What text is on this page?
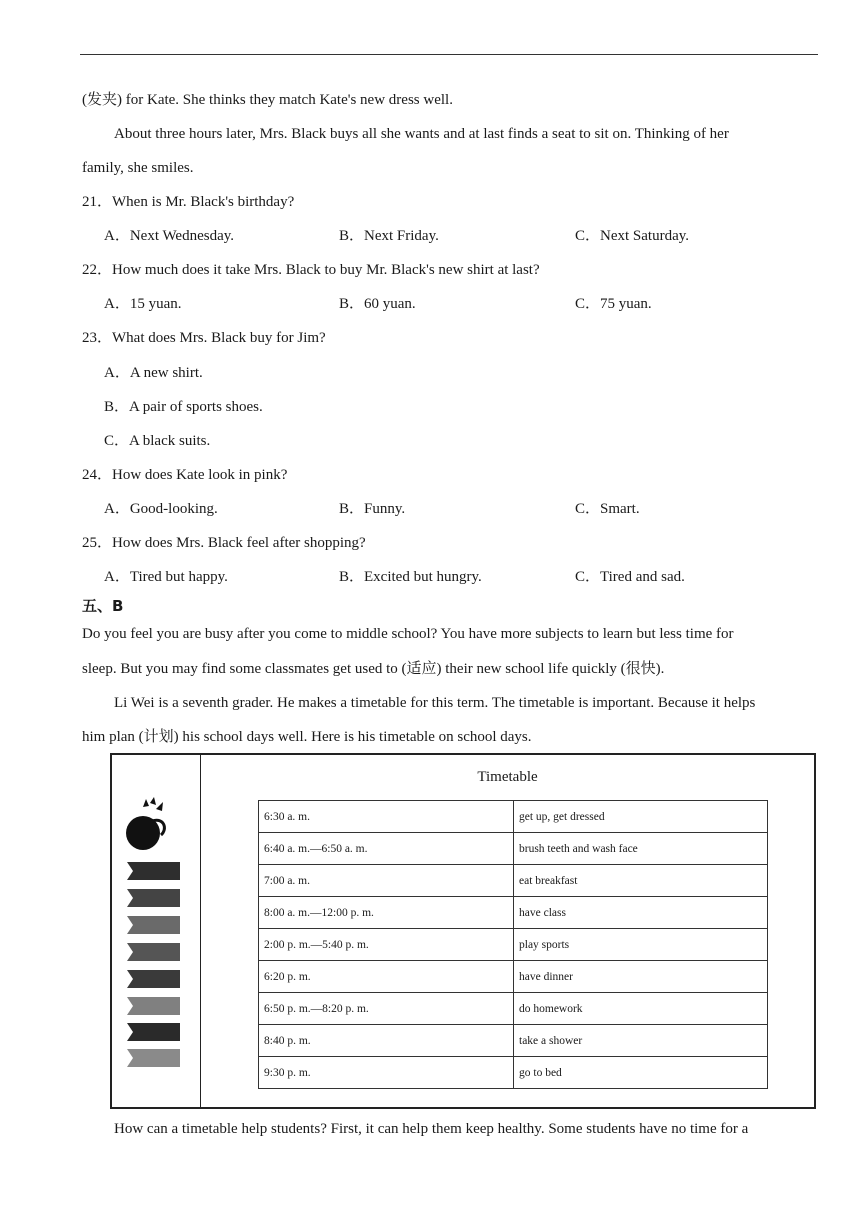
(发夹) for Kate. She thinks they match Kate's new dress well.
About three hours later, Mrs. Black buys all she wants and at last finds a seat to sit on. Thinking of her
family, she smiles.
21．When is Mr. Black's birthday?
A．Next Wednesday.	B．Next Friday.	C．Next Saturday.
22．How much does it take Mrs. Black to buy Mr. Black's new shirt at last?
A．15 yuan.	B．60 yuan.	C．75 yuan.
23．What does Mrs. Black buy for Jim?
A．A new shirt.
B．A pair of sports shoes.
C．A black suits.
24．How does Kate look in pink?
A．Good-looking.	B．Funny.	C．Smart.
25．How does Mrs. Black feel after shopping?
A．Tired but happy.	B．Excited but hungry.	C．Tired and sad.
五、B
Do you feel you are busy after you come to middle school? You have more subjects to learn but less time for
sleep. But you may find some classmates get used to (适应) their new school life quickly (很快).
Li Wei is a seventh grader. He makes a timetable for this term. The timetable is important. Because it helps
him plan (计划) his school days well. Here is his timetable on school days.
Timetable
6:30 a. m.	get up, get dressed
6:40 a. m.—6:50 a. m.	brush teeth and wash face
7:00 a. m.	eat breakfast
8:00 a. m.—12:00 p. m.	have class
2:00 p. m.—5:40 p. m.	play sports
6:20 p. m.	have dinner
6:50 p. m.—8:20 p. m.	do homework
8:40 p. m.	take a shower
9:30 p. m.	go to bed
How can a timetable help students? First, it can help them keep healthy. Some students have no time for a
